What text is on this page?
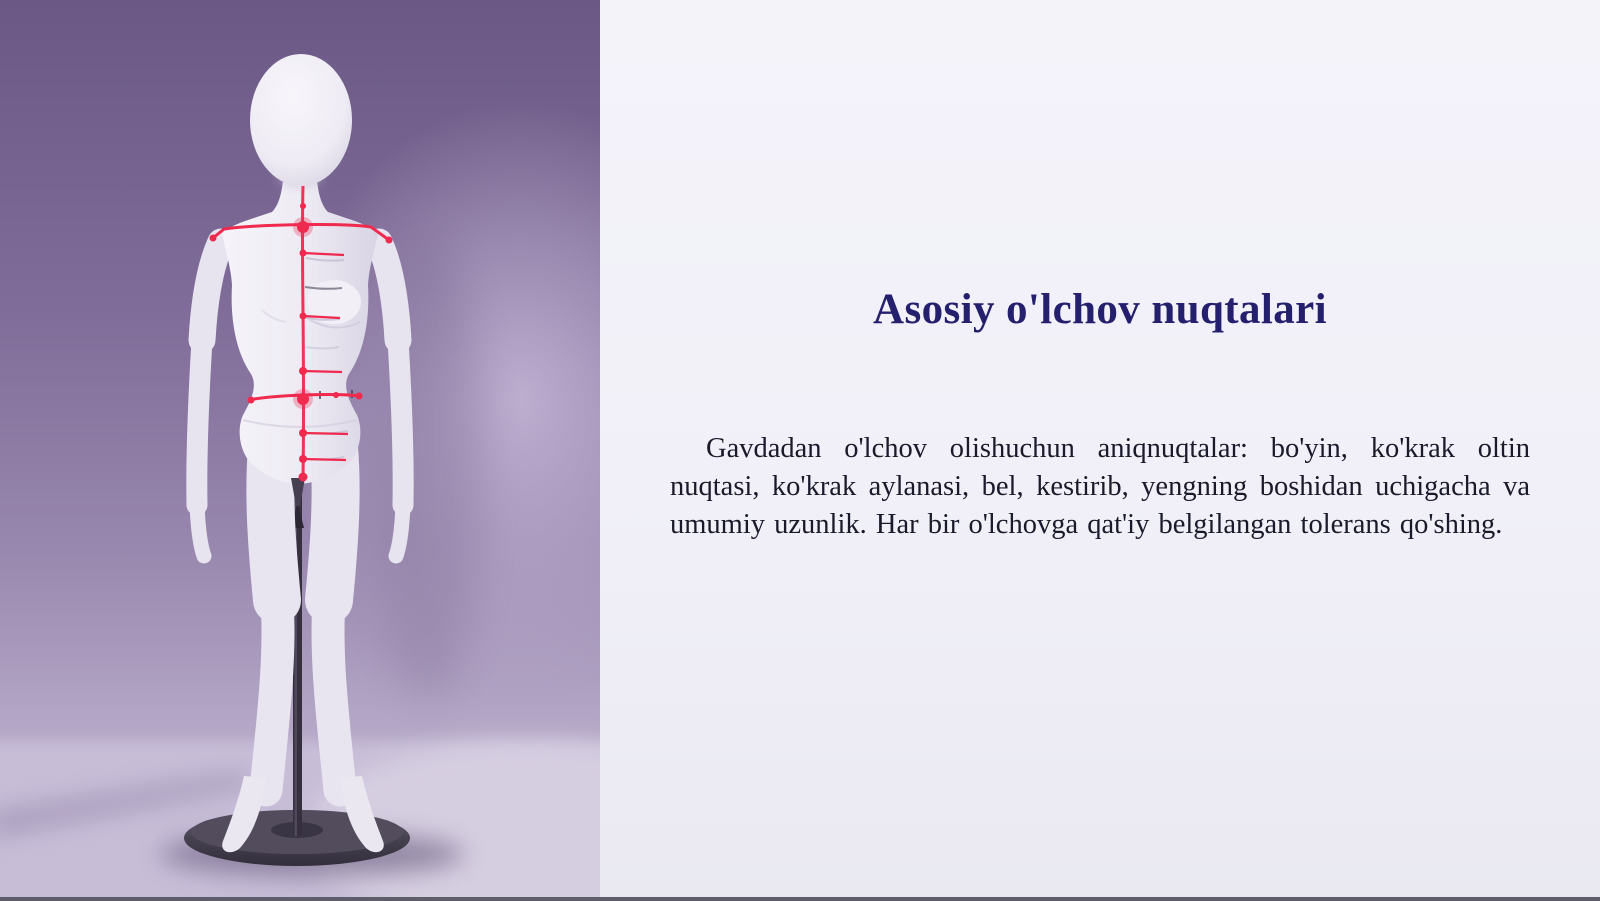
Asosiy o'lchov nuqtalari

Gavdadan o'lchov olishuchun aniqnuqtalar: bo'yin, ko'krak oltin nuqtasi, ko'krak aylanasi, bel, kestirib, yengning boshidan uchigacha va umumiy uzunlik. Har bir o'lchovga qat'iy belgilangan tolerans qo'shing.
